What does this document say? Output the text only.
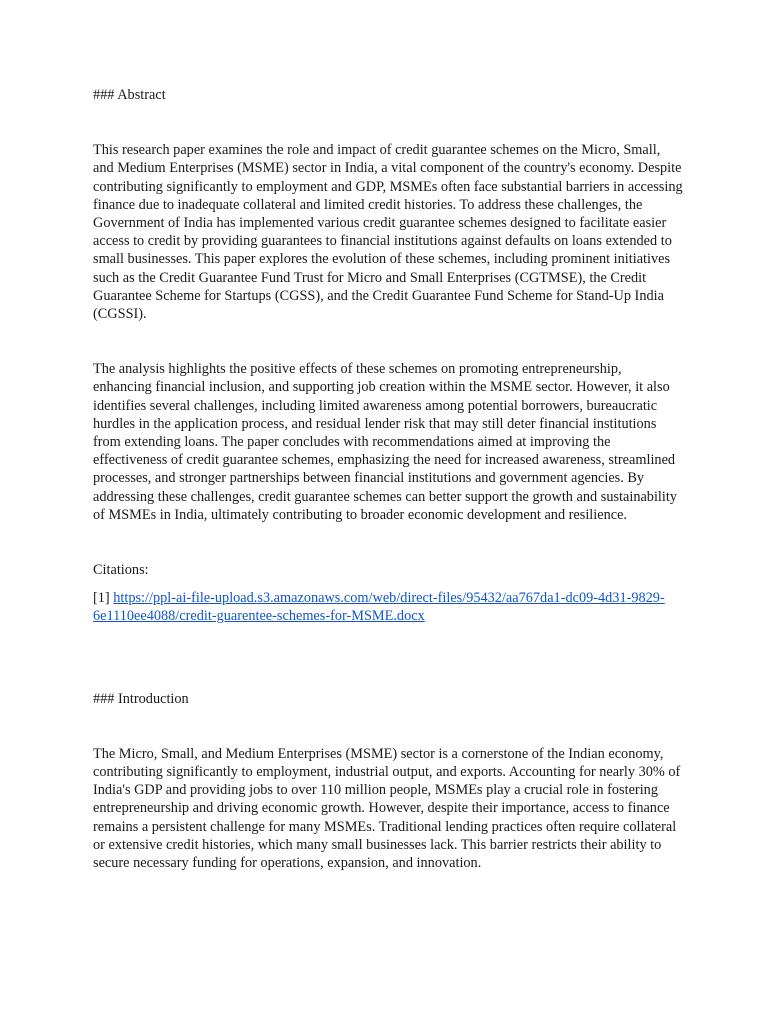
### Abstract

This research paper examines the role and impact of credit guarantee schemes on the Micro, Small, and Medium Enterprises (MSME) sector in India, a vital component of the country's economy. Despite contributing significantly to employment and GDP, MSMEs often face substantial barriers in accessing finance due to inadequate collateral and limited credit histories. To address these challenges, the Government of India has implemented various credit guarantee schemes designed to facilitate easier access to credit by providing guarantees to financial institutions against defaults on loans extended to small businesses. This paper explores the evolution of these schemes, including prominent initiatives such as the Credit Guarantee Fund Trust for Micro and Small Enterprises (CGTMSE), the Credit Guarantee Scheme for Startups (CGSS), and the Credit Guarantee Fund Scheme for Stand-Up India (CGSSI).

The analysis highlights the positive effects of these schemes on promoting entrepreneurship, enhancing financial inclusion, and supporting job creation within the MSME sector. However, it also identifies several challenges, including limited awareness among potential borrowers, bureaucratic hurdles in the application process, and residual lender risk that may still deter financial institutions from extending loans. The paper concludes with recommendations aimed at improving the effectiveness of credit guarantee schemes, emphasizing the need for increased awareness, streamlined processes, and stronger partnerships between financial institutions and government agencies. By addressing these challenges, credit guarantee schemes can better support the growth and sustainability of MSMEs in India, ultimately contributing to broader economic development and resilience.

Citations:

[1] https://ppl-ai-file-upload.s3.amazonaws.com/web/direct-files/95432/aa767da1-dc09-4d31-9829-6e1110ee4088/credit-guarentee-schemes-for-MSME.docx

### Introduction

The Micro, Small, and Medium Enterprises (MSME) sector is a cornerstone of the Indian economy, contributing significantly to employment, industrial output, and exports. Accounting for nearly 30% of India's GDP and providing jobs to over 110 million people, MSMEs play a crucial role in fostering entrepreneurship and driving economic growth. However, despite their importance, access to finance remains a persistent challenge for many MSMEs. Traditional lending practices often require collateral or extensive credit histories, which many small businesses lack. This barrier restricts their ability to secure necessary funding for operations, expansion, and innovation.
